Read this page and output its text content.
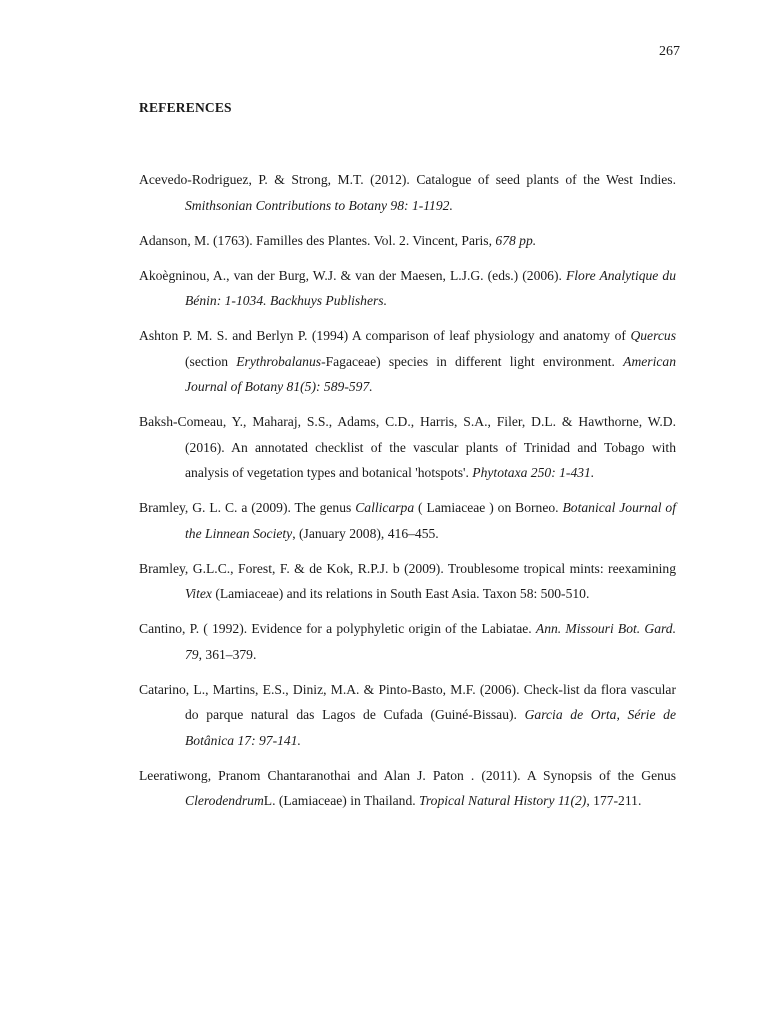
267
REFERENCES

Acevedo-Rodriguez, P. & Strong, M.T. (2012). Catalogue of seed plants of the West Indies. Smithsonian Contributions to Botany 98: 1-1192.

Adanson, M. (1763). Familles des Plantes. Vol. 2. Vincent, Paris, 678 pp.

Akoègninou, A., van der Burg, W.J. & van der Maesen, L.J.G. (eds.) (2006). Flore Analytique du Bénin: 1-1034. Backhuys Publishers.

Ashton P. M. S. and Berlyn P. (1994) A comparison of leaf physiology and anatomy of Quercus (section Erythrobalanus-Fagaceae) species in different light environment. American Journal of Botany 81(5): 589-597.

Baksh-Comeau, Y., Maharaj, S.S., Adams, C.D., Harris, S.A., Filer, D.L. & Hawthorne, W.D. (2016). An annotated checklist of the vascular plants of Trinidad and Tobago with analysis of vegetation types and botanical 'hotspots'. Phytotaxa 250: 1-431.

Bramley, G. L. C. a (2009). The genus Callicarpa ( Lamiaceae ) on Borneo. Botanical Journal of the Linnean Society, (January 2008), 416–455.

Bramley, G.L.C., Forest, F. & de Kok, R.P.J. b (2009). Troublesome tropical mints: reexamining Vitex (Lamiaceae) and its relations in South East Asia. Taxon 58: 500-510.

Cantino, P. ( 1992). Evidence for a polyphyletic origin of the Labiatae. Ann. Missouri Bot. Gard. 79, 361–379.

Catarino, L., Martins, E.S., Diniz, M.A. & Pinto-Basto, M.F. (2006). Check-list da flora vascular do parque natural das Lagos de Cufada (Guiné-Bissau). Garcia de Orta, Série de Botânica 17: 97-141.

Leeratiwong, Pranom Chantaranothai and Alan J. Paton . (2011). A Synopsis of the Genus ClerodendrumL. (Lamiaceae) in Thailand. Tropical Natural History 11(2), 177-211.
